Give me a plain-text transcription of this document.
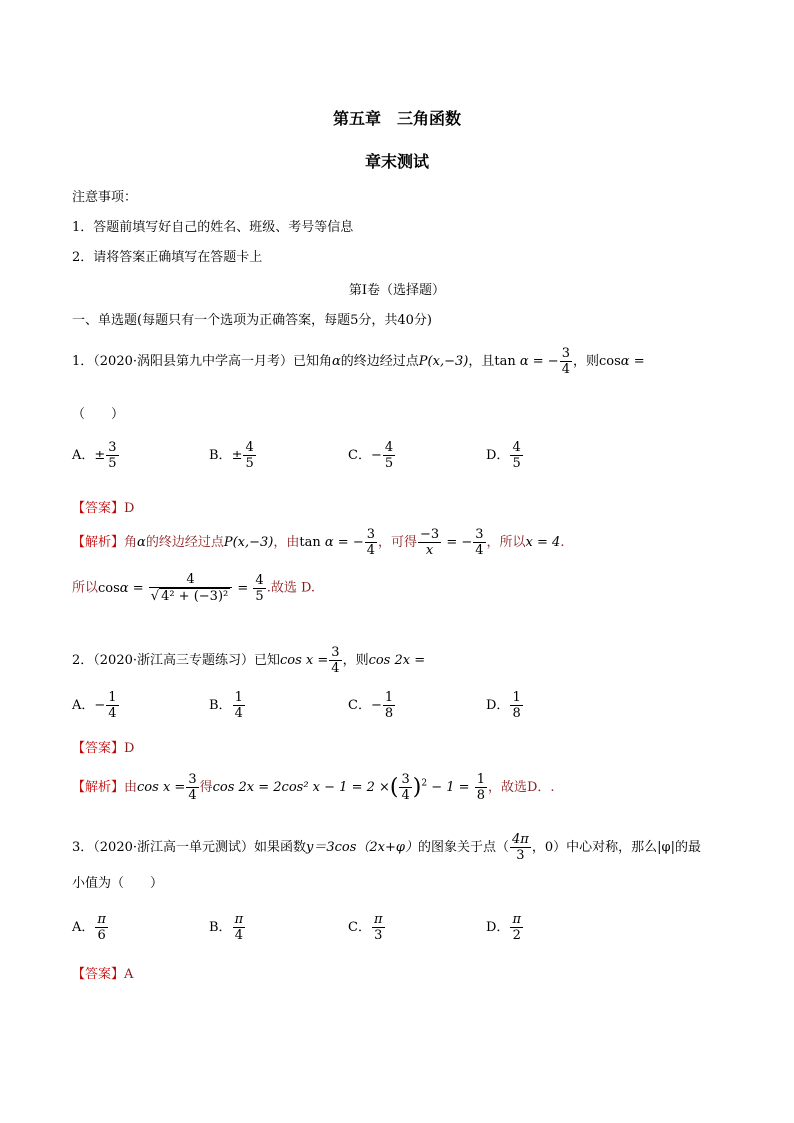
第五章　三角函数
章末测试
注意事项：
1．答题前填写好自己的姓名、班级、考号等信息
2．请将答案正确填写在答题卡上
第I卷（选择题）
一、单选题(每题只有一个选项为正确答案，每题5分，共40分)
1．（2020·涡阳县第九中学高一月考）已知角α的终边经过点P(x,−3)，且tan α = − $\frac{3}{4}$ ，则cosα =
（　　）
A．± $\frac{3}{5}$	B．± $\frac{4}{5}$	C．− $\frac{4}{5}$	D． $\frac{4}{5}$
【答案】D
【解析】角α的终边经过点P(x,−3)，由tan α = − $\frac{3}{4}$ ，可得 $\frac{-3}{x}$ = − $\frac{3}{4}$ ，所以x = 4.
所以$\cos\alpha = \frac{4}{\text{√ 4² + (−3)²}} = \frac{4}{5}$ .故选 D.
2．（2020·浙江高三专题练习）已知$\cos x = \frac{3}{4}$ ，则cos 2x =
A．− $\frac{1}{4}$	B． $\frac{1}{4}$	C．− $\frac{1}{8}$	D． $\frac{1}{8}$
【答案】D
【解析】由$\cos x = \frac{3}{4}$ 得cos 2x = 2cos² x − 1 = 2 ×( $\frac{3}{4} )^2 - 1 = \frac{1}{8}$ ，故选D．.
3．（2020·浙江高一单元测试）如果函数y＝3cos（2x+φ）的图象关于点（ $\frac{4\pi}{3}$ ，0）中心对称，那么|φ|的最
小值为（　　）
A． $\frac{\pi}{6}$	B． $\frac{\pi}{4}$	C． $\frac{\pi}{3}$	D． $\frac{\pi}{2}$
【答案】A
